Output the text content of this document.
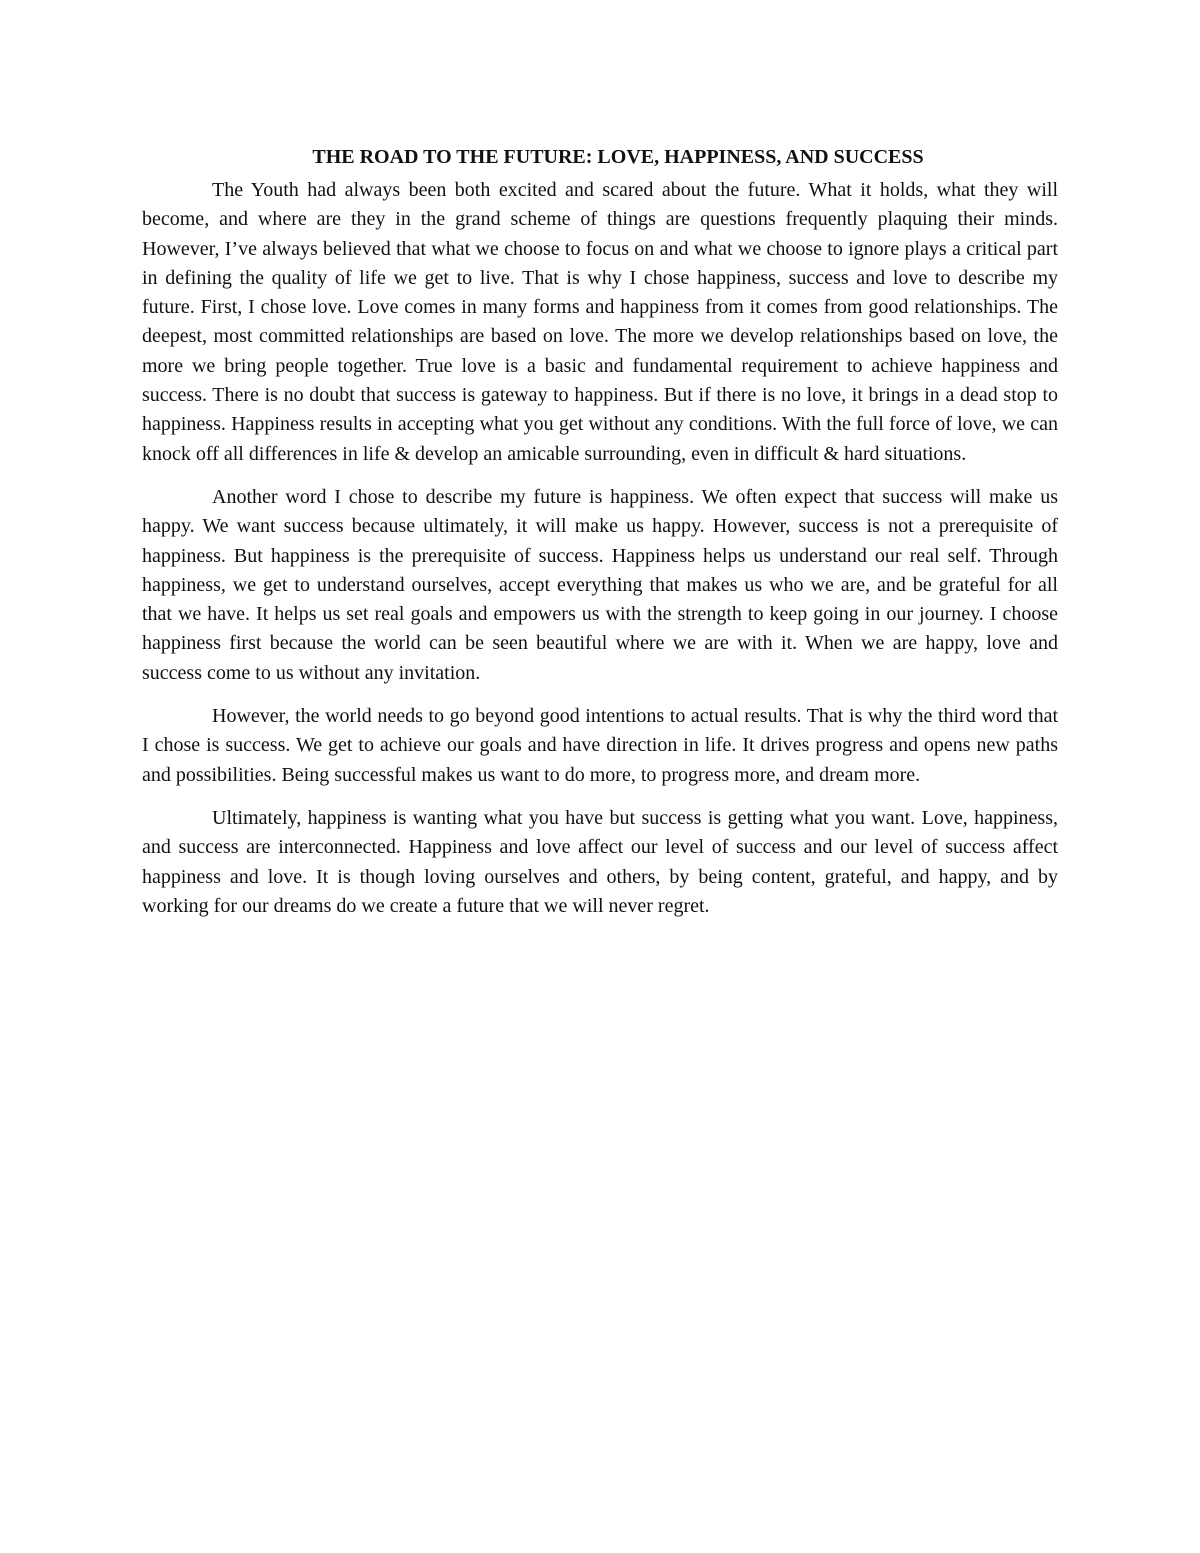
THE ROAD TO THE FUTURE: LOVE, HAPPINESS, AND SUCCESS

The Youth had always been both excited and scared about the future. What it holds, what they will become, and where are they in the grand scheme of things are questions frequently plaquing their minds. However, I’ve always believed that what we choose to focus on and what we choose to ignore plays a critical part in defining the quality of life we get to live. That is why I chose happiness, success and love to describe my future. First, I chose love. Love comes in many forms and happiness from it comes from good relationships. The deepest, most committed relationships are based on love. The more we develop relationships based on love, the more we bring people together. True love is a basic and fundamental requirement to achieve happiness and success. There is no doubt that success is gateway to happiness. But if there is no love, it brings in a dead stop to happiness. Happiness results in accepting what you get without any conditions. With the full force of love, we can knock off all differences in life & develop an amicable surrounding, even in difficult & hard situations.

Another word I chose to describe my future is happiness. We often expect that success will make us happy. We want success because ultimately, it will make us happy. However, success is not a prerequisite of happiness. But happiness is the prerequisite of success. Happiness helps us understand our real self. Through happiness, we get to understand ourselves, accept everything that makes us who we are, and be grateful for all that we have. It helps us set real goals and empowers us with the strength to keep going in our journey. I choose happiness first because the world can be seen beautiful where we are with it. When we are happy, love and success come to us without any invitation.

However, the world needs to go beyond good intentions to actual results. That is why the third word that I chose is success. We get to achieve our goals and have direction in life. It drives progress and opens new paths and possibilities. Being successful makes us want to do more, to progress more, and dream more.

Ultimately, happiness is wanting what you have but success is getting what you want. Love, happiness, and success are interconnected. Happiness and love affect our level of success and our level of success affect happiness and love. It is though loving ourselves and others, by being content, grateful, and happy, and by working for our dreams do we create a future that we will never regret.
